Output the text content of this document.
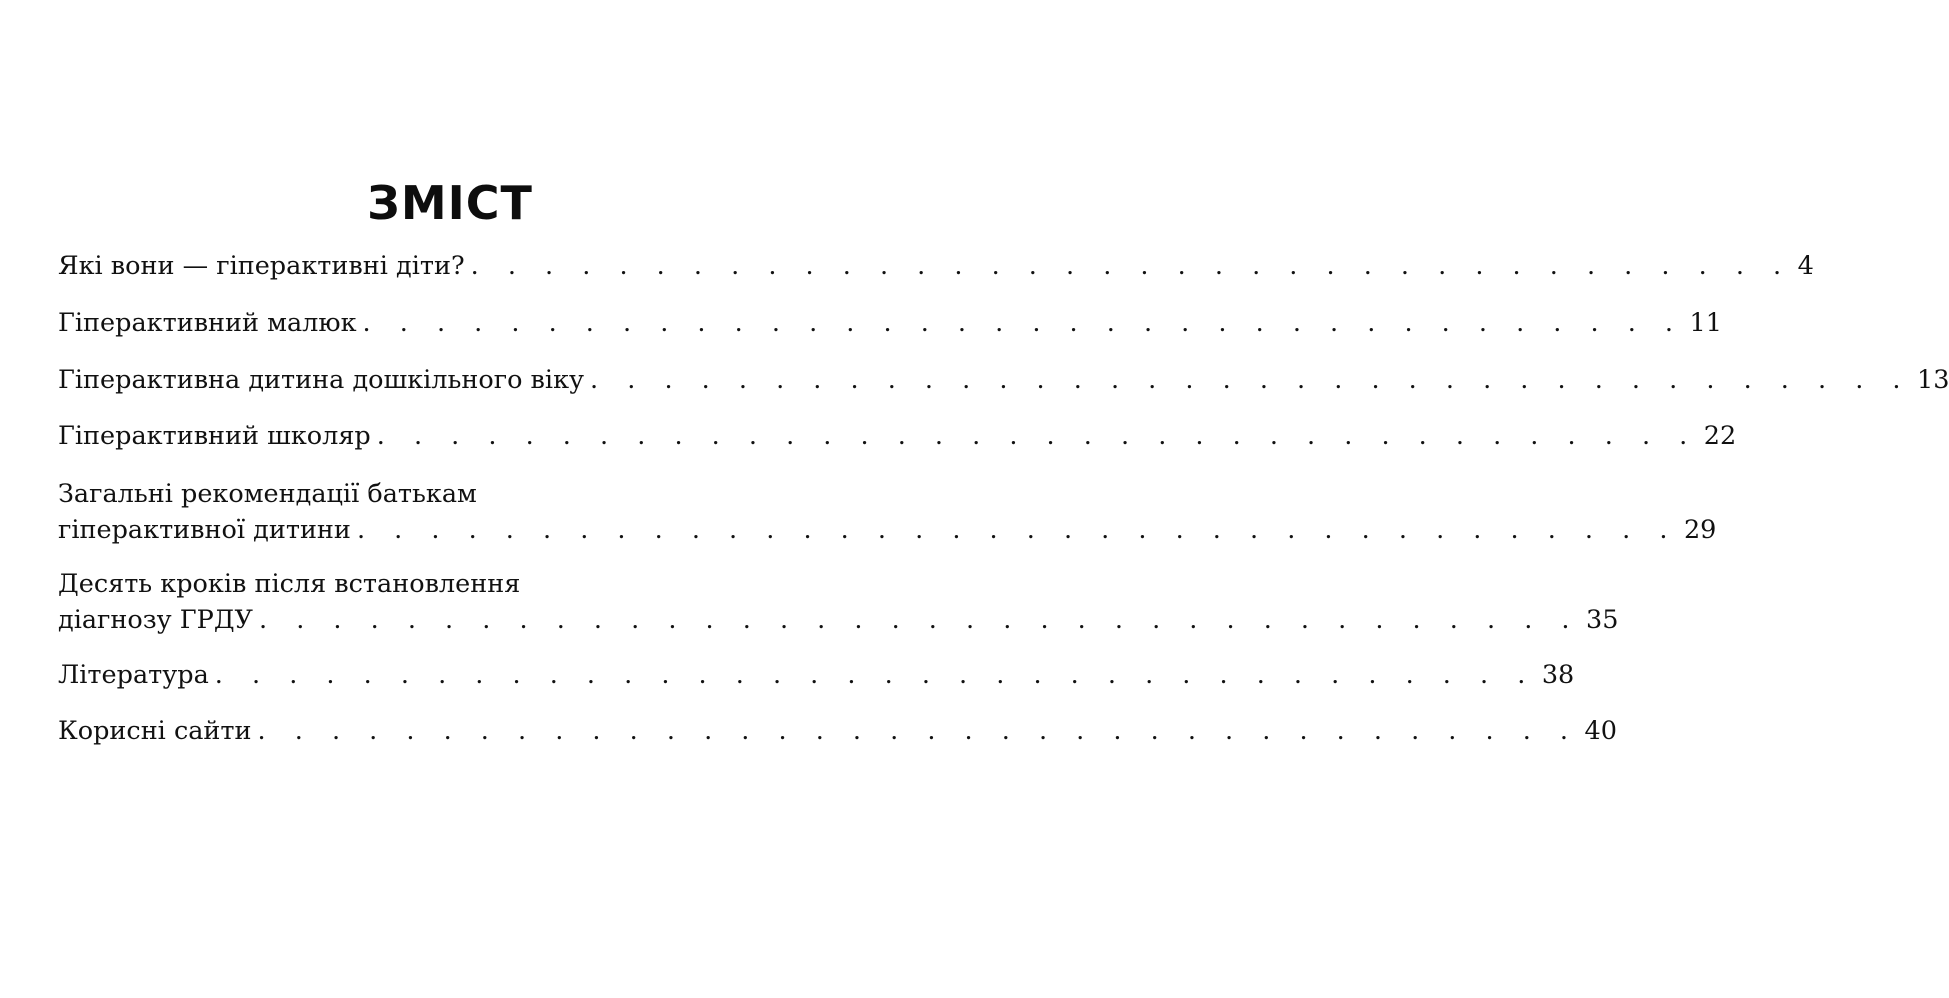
ЗМІСТ
Які вони — гіперактивні діти? . . . . . . . . . . . . . . . . . . . . . . . . . . . . . . . . . . . . 4
Гіперактивний малюк . . . . . . . . . . . . . . . . . . . . . . . . . . . . . . . . . . . . 11
Гіперактивна дитина дошкільного віку . . . . . . . . . . . . . . . . . . . . . . . . . . . . . . . . . . . . 13
Гіперактивний школяр . . . . . . . . . . . . . . . . . . . . . . . . . . . . . . . . . . . . 22
Загальні рекомендації батькам
гіперактивної дитини . . . . . . . . . . . . . . . . . . . . . . . . . . . . . . . . . . . . 29
Десять кроків після встановлення
діагнозу ГРДУ . . . . . . . . . . . . . . . . . . . . . . . . . . . . . . . . . . . . 35
Література . . . . . . . . . . . . . . . . . . . . . . . . . . . . . . . . . . . . 38
Корисні сайти . . . . . . . . . . . . . . . . . . . . . . . . . . . . . . . . . . . . 40
